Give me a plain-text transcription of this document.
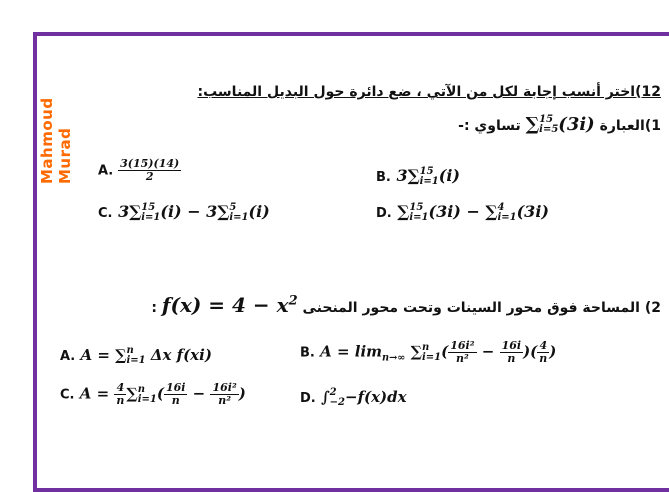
Mahmoud Murad
12)اختر أنسب إجابة لكل من الآتي ، ضع دائرة حول البديل المناسب:
1)العبارة ∑ 15
i=5 (3i) تساوي :-
A. $\frac{3(15)(14)}{2}$	B. 3∑ 15
i=1 (i)
C. 3∑ 15
i=1 (i) − 3∑ 5
i=1 (i)	D. ∑ 15
i=1 (3i) − ∑ 4
i=1 (3i)
2) المساحة فوق محور السينات وتحت محور المنحنى $f(x) = 4 - x^2$ :
A. A = ∑ n
i=1 Δx f(xi)	B. $A = \lim_{n\to\infty}$ ∑ n
i=1 ( $\frac{\text{16i²}}{\text{n²}} - \frac{16i}{n}$ )( $\frac{4}{n}$ )
C. $A = \frac{4}{n}$ ∑ n
i=1 ( $\frac{16i}{n} - \frac{\text{16i²}}{\text{n²}}$ )	D. ∫ 2
−2 −f(x)dx
